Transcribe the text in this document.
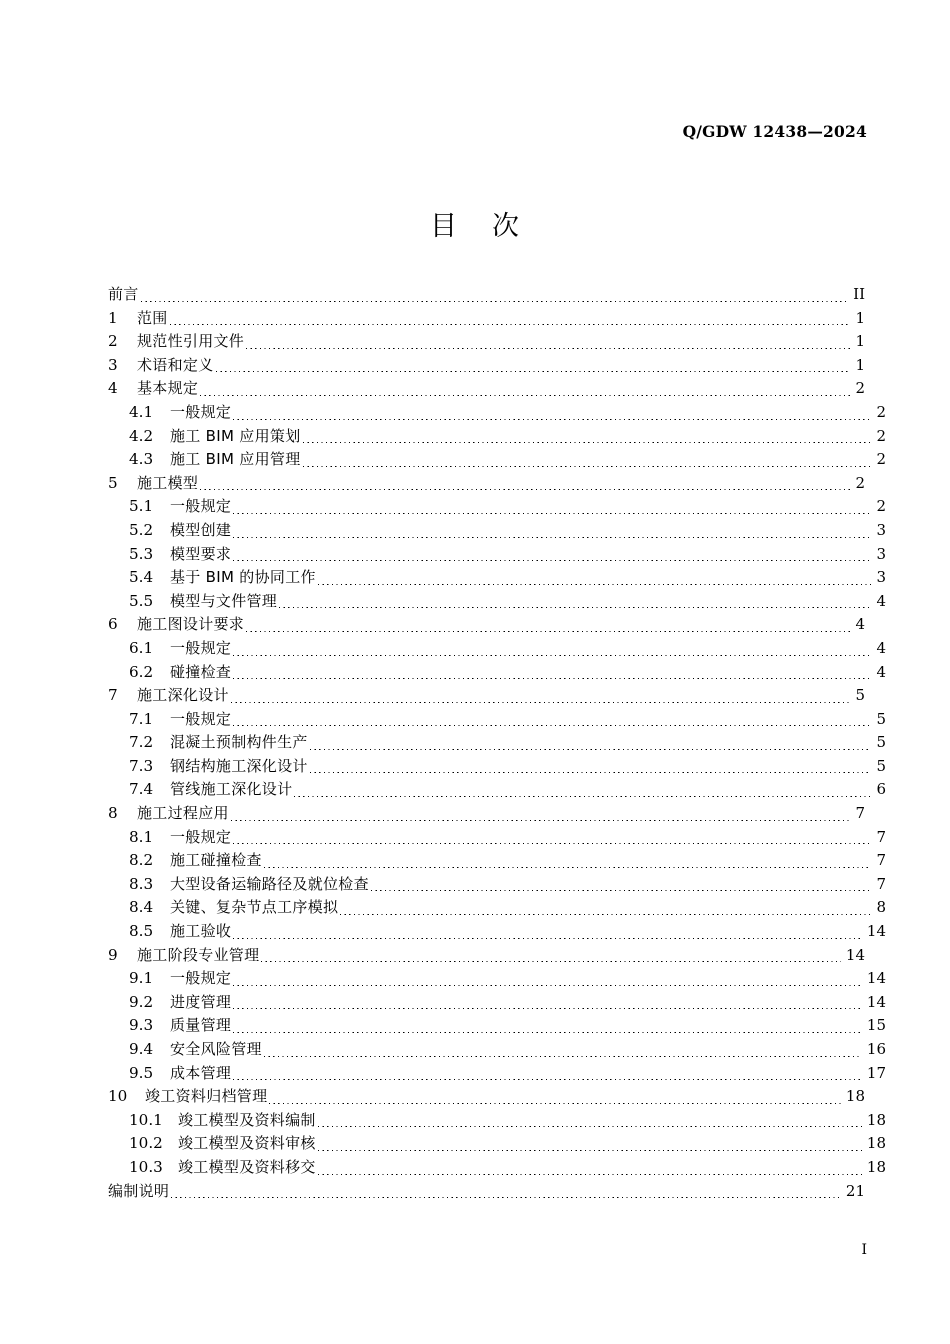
Q/GDW 12438—2024
目 次
前言	II
1	范围	1
2	规范性引用文件	1
3	术语和定义	1
4	基本规定	2
4.1	一般规定	2
4.2	施工 BIM 应用策划	2
4.3	施工 BIM 应用管理	2
5	施工模型	2
5.1	一般规定	2
5.2	模型创建	3
5.3	模型要求	3
5.4	基于 BIM 的协同工作	3
5.5	模型与文件管理	4
6	施工图设计要求	4
6.1	一般规定	4
6.2	碰撞检查	4
7	施工深化设计	5
7.1	一般规定	5
7.2	混凝土预制构件生产	5
7.3	钢结构施工深化设计	5
7.4	管线施工深化设计	6
8	施工过程应用	7
8.1	一般规定	7
8.2	施工碰撞检查	7
8.3	大型设备运输路径及就位检查	7
8.4	关键、复杂节点工序模拟	8
8.5	施工验收	14
9	施工阶段专业管理	14
9.1	一般规定	14
9.2	进度管理	14
9.3	质量管理	15
9.4	安全风险管理	16
9.5	成本管理	17
10	竣工资料归档管理	18
10.1	竣工模型及资料编制	18
10.2	竣工模型及资料审核	18
10.3	竣工模型及资料移交	18
编制说明	21
I
